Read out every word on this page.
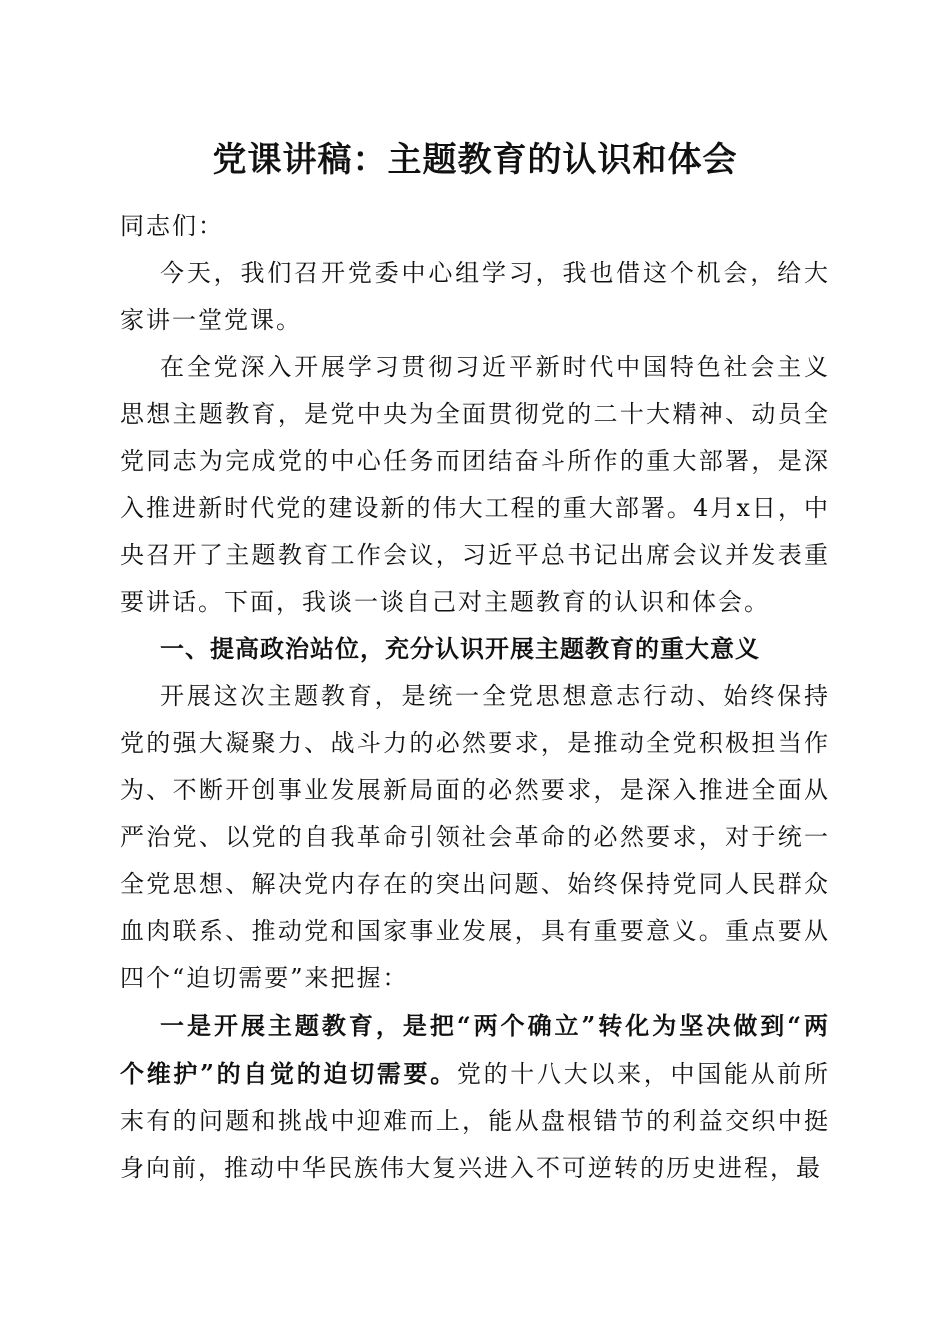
党课讲稿：主题教育的认识和体会

同志们：

今天，我们召开党委中心组学习，我也借这个机会，给大家讲一堂党课。

在全党深入开展学习贯彻习近平新时代中国特色社会主义思想主题教育，是党中央为全面贯彻党的二十大精神、动员全党同志为完成党的中心任务而团结奋斗所作的重大部署，是深入推进新时代党的建设新的伟大工程的重大部署。4月x日，中央召开了主题教育工作会议，习近平总书记出席会议并发表重要讲话。下面，我谈一谈自己对主题教育的认识和体会。

一、提高政治站位，充分认识开展主题教育的重大意义

开展这次主题教育，是统一全党思想意志行动、始终保持党的强大凝聚力、战斗力的必然要求，是推动全党积极担当作为、不断开创事业发展新局面的必然要求，是深入推进全面从严治党、以党的自我革命引领社会革命的必然要求，对于统一全党思想、解决党内存在的突出问题、始终保持党同人民群众血肉联系、推动党和国家事业发展，具有重要意义。重点要从四个“迫切需要”来把握：

一是开展主题教育，是把“两个确立”转化为坚决做到“两个维护”的自觉的迫切需要。党的十八大以来，中国能从前所末有的问题和挑战中迎难而上，能从盘根错节的利益交织中挺身向前，推动中华民族伟大复兴进入不可逆转的历史进程，最
